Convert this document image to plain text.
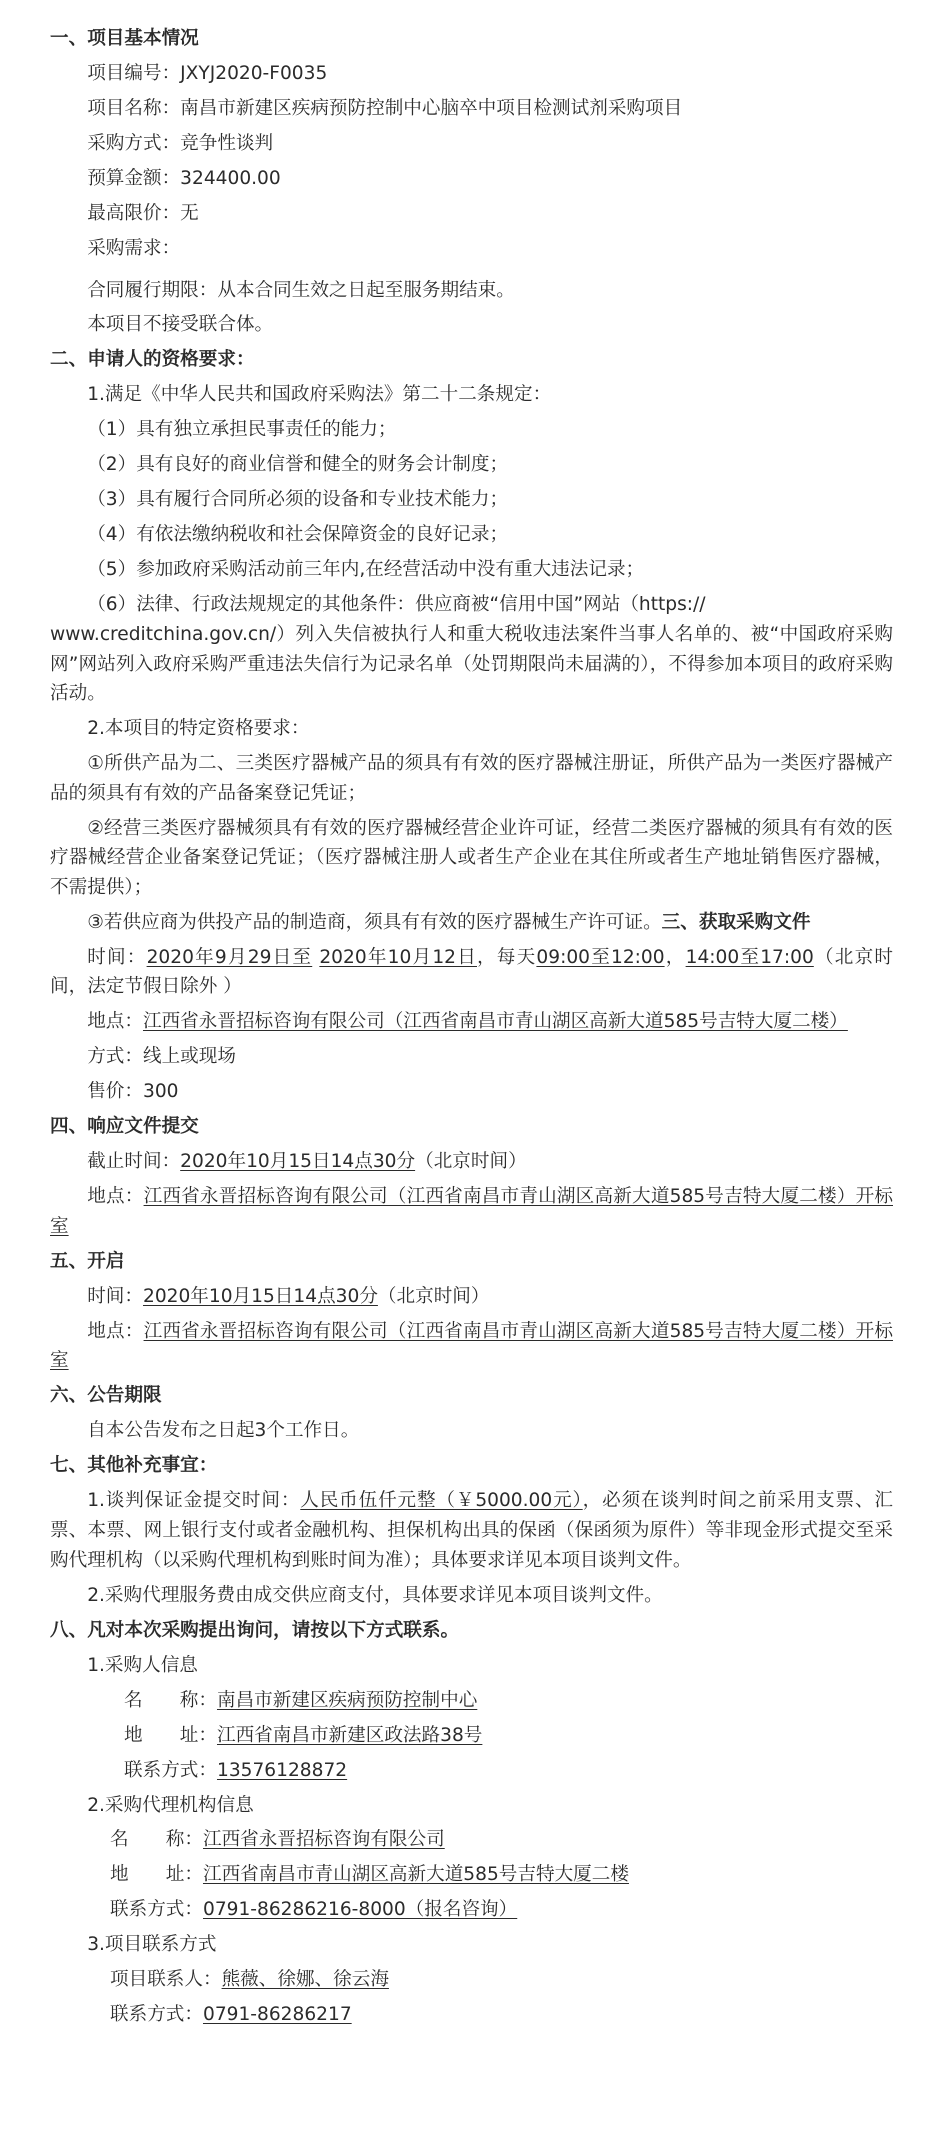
一、项目基本情况

项目编号：JXYJ2020-F0035

项目名称：南昌市新建区疾病预防控制中心脑卒中项目检测试剂采购项目

采购方式：竞争性谈判

预算金额：324400.00

最高限价：无

采购需求：

合同履行期限：从本合同生效之日起至服务期结束。

本项目不接受联合体。

二、申请人的资格要求：

1.满足《中华人民共和国政府采购法》第二十二条规定：

（1）具有独立承担民事责任的能力；

（2）具有良好的商业信誉和健全的财务会计制度；

（3）具有履行合同所必须的设备和专业技术能力；

（4）有依法缴纳税收和社会保障资金的良好记录；

（5）参加政府采购活动前三年内,在经营活动中没有重大违法记录；

（6）法律、行政法规规定的其他条件：供应商被“信用中国”网站（https://
www.creditchina.gov.cn/）列入失信被执行人和重大税收违法案件当事人名单的、被“中国政府采购网”网站列入政府采购严重违法失信行为记录名单（处罚期限尚未届满的），不得参加本项目的政府采购活动。

2.本项目的特定资格要求：

①所供产品为二、三类医疗器械产品的须具有有效的医疗器械注册证，所供产品为一类医疗器械产品的须具有有效的产品备案登记凭证；

②经营三类医疗器械须具有有效的医疗器械经营企业许可证，经营二类医疗器械的须具有有效的医疗器械经营企业备案登记凭证；（医疗器械注册人或者生产企业在其住所或者生产地址销售医疗器械，不需提供）；

③若供应商为供投产品的制造商，须具有有效的医疗器械生产许可证。三、获取采购文件

时间：2020年9月29日至 2020年10月12日，每天09:00至12:00，14:00至17:00（北京时间，法定节假日除外 ）

地点：江西省永晋招标咨询有限公司（江西省南昌市青山湖区高新大道585号吉特大厦二楼）

方式：线上或现场

售价：300

四、响应文件提交

截止时间：2020年10月15日14点30分（北京时间）

地点：江西省永晋招标咨询有限公司（江西省南昌市青山湖区高新大道585号吉特大厦二楼）开标室

五、开启

时间：2020年10月15日14点30分（北京时间）

地点：江西省永晋招标咨询有限公司（江西省南昌市青山湖区高新大道585号吉特大厦二楼）开标室

六、公告期限

自本公告发布之日起3个工作日。

七、其他补充事宜：

1.谈判保证金提交时间：人民币伍仟元整（￥5000.00元），必须在谈判时间之前采用支票、汇票、本票、网上银行支付或者金融机构、担保机构出具的保函（保函须为原件）等非现金形式提交至采购代理机构（以采购代理机构到账时间为准）；具体要求详见本项目谈判文件。

2.采购代理服务费由成交供应商支付，具体要求详见本项目谈判文件。

八、凡对本次采购提出询问，请按以下方式联系。

1.采购人信息

名　　称：南昌市新建区疾病预防控制中心

地　　址：江西省南昌市新建区政法路38号

联系方式：13576128872

2.采购代理机构信息

名　　称：江西省永晋招标咨询有限公司

地　　址：江西省南昌市青山湖区高新大道585号吉特大厦二楼

联系方式：0791-86286216-8000（报名咨询）

3.项目联系方式

项目联系人：熊薇、徐娜、徐云海

联系方式：0791-86286217
